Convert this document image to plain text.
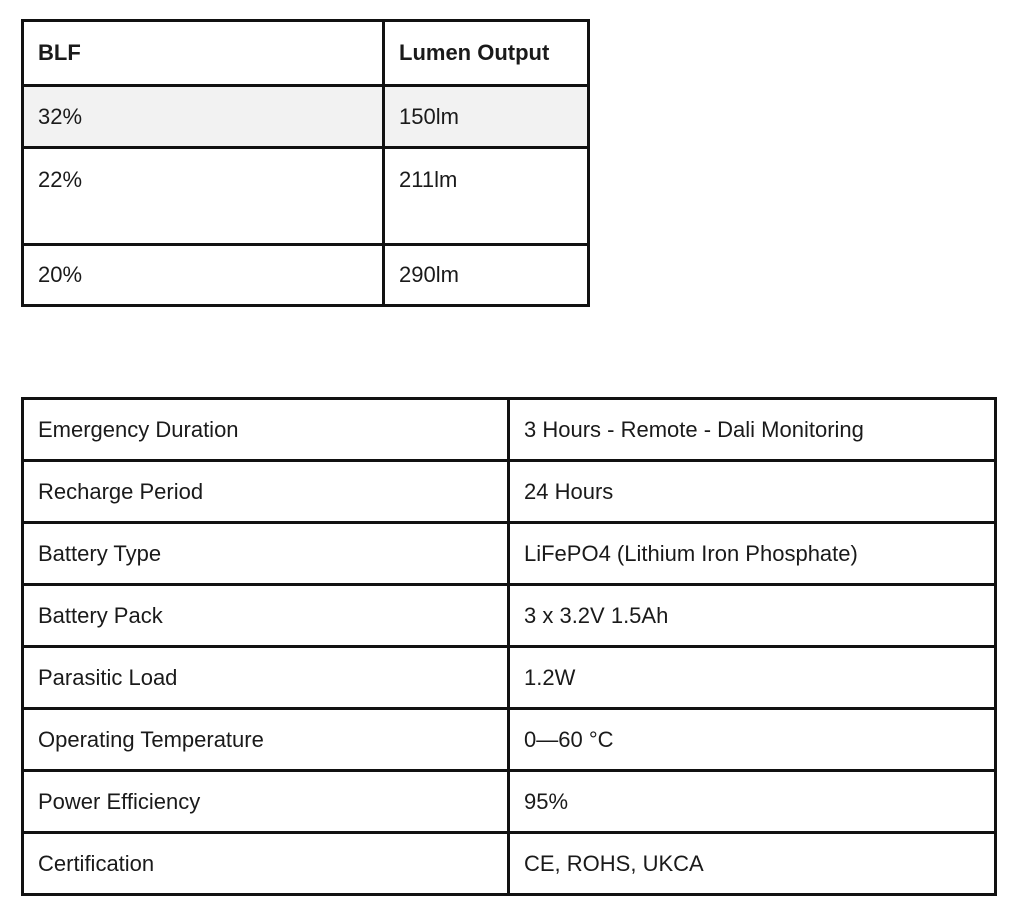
BLF	Lumen Output
32%	150lm
22%	211lm
20%	290lm
Emergency Duration	3 Hours - Remote - Dali Monitoring
Recharge Period	24 Hours
Battery Type	LiFePO4 (Lithium Iron Phosphate)
Battery Pack	3 x 3.2V 1.5Ah
Parasitic Load	1.2W
Operating Temperature	0—60 °C
Power Efficiency	95%
Certification	CE, ROHS, UKCA
